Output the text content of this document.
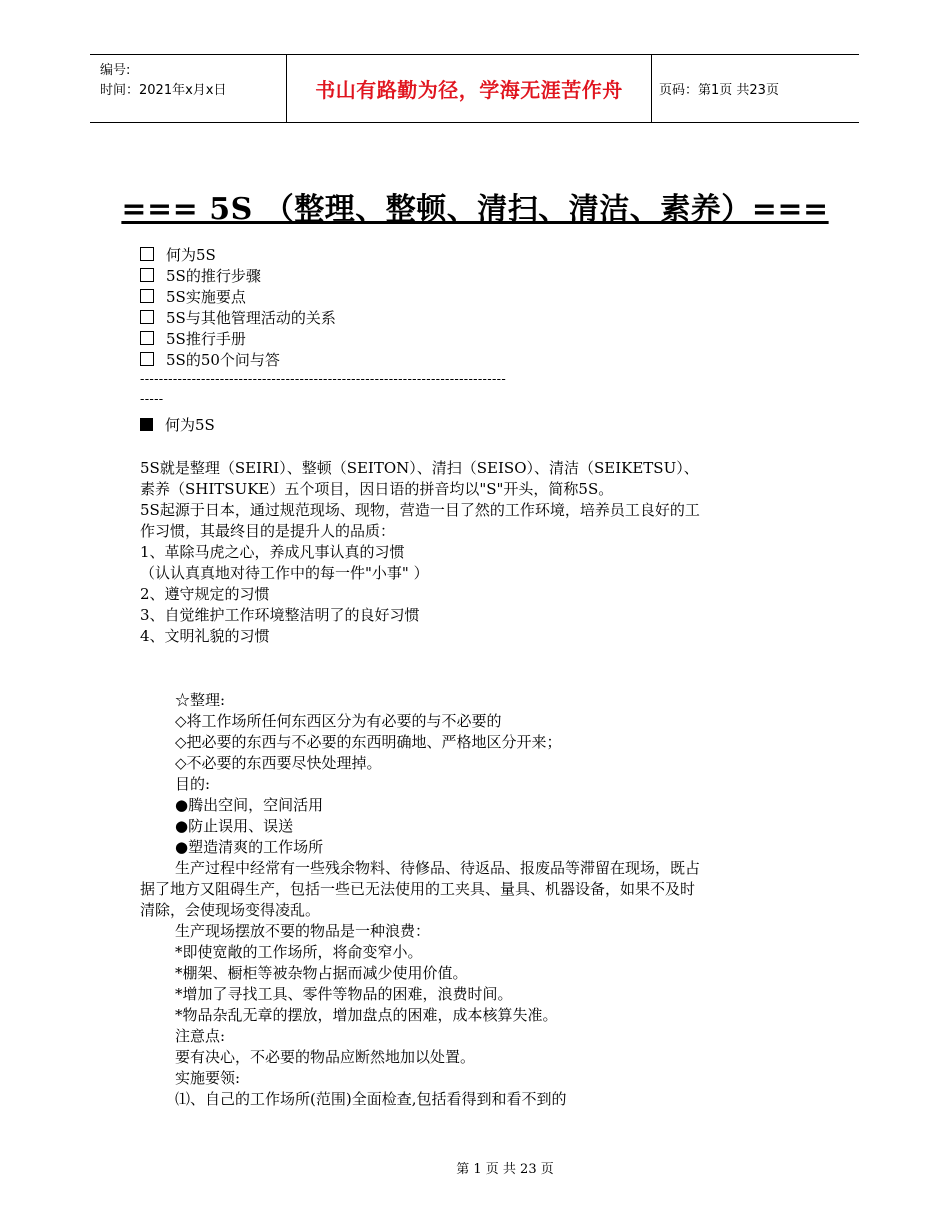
编号:
时间：2021年x月x日	书山有路勤为径，学海无涯苦作舟	页码：第1页 共23页
=== 5S （整理、整顿、清扫、清洁、素养）===
何为5S
5S的推行步骤
5S实施要点
5S与其他管理活动的关系
5S推行手册
5S的50个问与答
------------------------------------------------------------------------------
-----
何为5S
5S就是整理（SEIRI）、整顿（SEITON）、清扫（SEISO）、清洁（SEIKETSU）、
素养（SHITSUKE）五个项目，因日语的拼音均以"S"开头，简称5S。
5S起源于日本，通过规范现场、现物，营造一目了然的工作环境，培养员工良好的工
作习惯，其最终目的是提升人的品质：
1、革除马虎之心，养成凡事认真的习惯
（认认真真地对待工作中的每一件"小事" ）
2、遵守规定的习惯
3、自觉维护工作环境整洁明了的良好习惯
4、文明礼貌的习惯
☆整理:
◇将工作场所任何东西区分为有必要的与不必要的
◇把必要的东西与不必要的东西明确地、严格地区分开来；
◇不必要的东西要尽快处理掉。
目的:
●腾出空间，空间活用
●防止误用、误送
●塑造清爽的工作场所
生产过程中经常有一些残余物料、待修品、待返品、报废品等滞留在现场，既占
据了地方又阻碍生产，包括一些已无法使用的工夹具、量具、机器设备，如果不及时
清除，会使现场变得凌乱。
生产现场摆放不要的物品是一种浪费：
*即使宽敞的工作场所，将俞变窄小。
*棚架、橱柜等被杂物占据而减少使用价值。
*增加了寻找工具、零件等物品的困难，浪费时间。
*物品杂乱无章的摆放，增加盘点的困难，成本核算失准。
注意点:
要有决心，不必要的物品应断然地加以处置。
实施要领:
⑴、自己的工作场所(范围)全面检查,包括看得到和看不到的
第 1 页 共 23 页
